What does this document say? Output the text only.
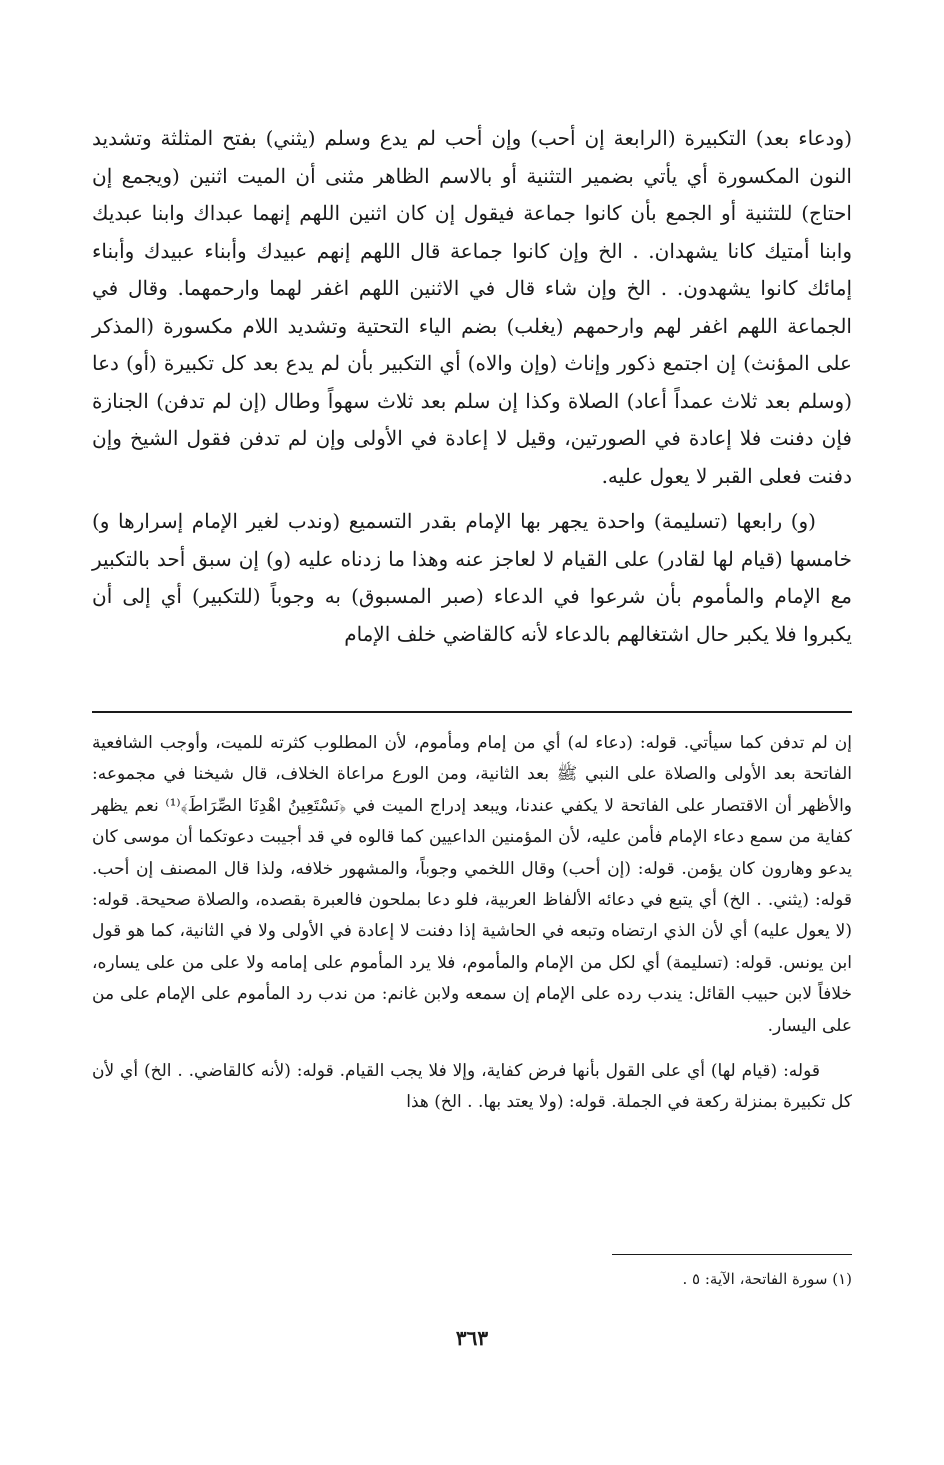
(ودعاء بعد) التكبيرة (الرابعة إن أحب) وإن أحب لم يدع وسلم (يثني) بفتح المثلثة وتشديد النون المكسورة أي يأتي بضمير التثنية أو بالاسم الظاهر مثنى أن الميت اثنين (ويجمع إن احتاج) للتثنية أو الجمع بأن كانوا جماعة فيقول إن كان اثنين اللهم إنهما عبداك وابنا عبديك وابنا أمتيك كانا يشهدان. . الخ وإن كانوا جماعة قال اللهم إنهم عبيدك وأبناء عبيدك وأبناء إمائك كانوا يشهدون. . الخ وإن شاء قال في الاثنين اللهم اغفر لهما وارحمهما. وقال في الجماعة اللهم اغفر لهم وارحمهم (يغلب) بضم الياء التحتية وتشديد اللام مكسورة (المذكر على المؤنث) إن اجتمع ذكور وإناث (وإن والاه) أي التكبير بأن لم يدع بعد كل تكبيرة (أو) دعا (وسلم بعد ثلاث عمداً أعاد) الصلاة وكذا إن سلم بعد ثلاث سهواً وطال (إن لم تدفن) الجنازة فإن دفنت فلا إعادة في الصورتين، وقيل لا إعادة في الأولى وإن لم تدفن فقول الشيخ وإن دفنت فعلى القبر لا يعول عليه.

(و) رابعها (تسليمة) واحدة يجهر بها الإمام بقدر التسميع (وندب لغير الإمام إسرارها و) خامسها (قيام لها لقادر) على القيام لا لعاجز عنه وهذا ما زدناه عليه (و) إن سبق أحد بالتكبير مع الإمام والمأموم بأن شرعوا في الدعاء (صبر المسبوق) به وجوباً (للتكبير) أي إلى أن يكبروا فلا يكبر حال اشتغالهم بالدعاء لأنه كالقاضي خلف الإمام

إن لم تدفن كما سيأتي. قوله: (دعاء له) أي من إمام ومأموم، لأن المطلوب كثرته للميت، وأوجب الشافعية الفاتحة بعد الأولى والصلاة على النبي ﷺ بعد الثانية، ومن الورع مراعاة الخلاف، قال شيخنا في مجموعه: والأظهر أن الاقتصار على الفاتحة لا يكفي عندنا، ويبعد إدراج الميت في ﴿نَسْتَعِينُ اهْدِنَا الصِّرَاطَ﴾⁽¹⁾ نعم يظهر كفاية من سمع دعاء الإمام فأمن عليه، لأن المؤمنين الداعيين كما قالوه في قد أجيبت دعوتكما أن موسى كان يدعو وهارون كان يؤمن. قوله: (إن أحب) وقال اللخمي وجوباً، والمشهور خلافه، ولذا قال المصنف إن أحب. قوله: (يثني. . الخ) أي يتبع في دعائه الألفاظ العربية، فلو دعا بملحون فالعبرة بقصده، والصلاة صحيحة. قوله: (لا يعول عليه) أي لأن الذي ارتضاه وتبعه في الحاشية إذا دفنت لا إعادة في الأولى ولا في الثانية، كما هو قول ابن يونس. قوله: (تسليمة) أي لكل من الإمام والمأموم، فلا يرد المأموم على إمامه ولا على من على يساره، خلافاً لابن حبيب القائل: يندب رده على الإمام إن سمعه ولابن غانم: من ندب رد المأموم على الإمام على من على اليسار.

قوله: (قيام لها) أي على القول بأنها فرض كفاية، وإلا فلا يجب القيام. قوله: (لأنه كالقاضي. . الخ) أي لأن كل تكبيرة بمنزلة ركعة في الجملة. قوله: (ولا يعتد بها. . الخ) هذا

(١) سورة الفاتحة، الآية: ٥ .
٣٦٣
